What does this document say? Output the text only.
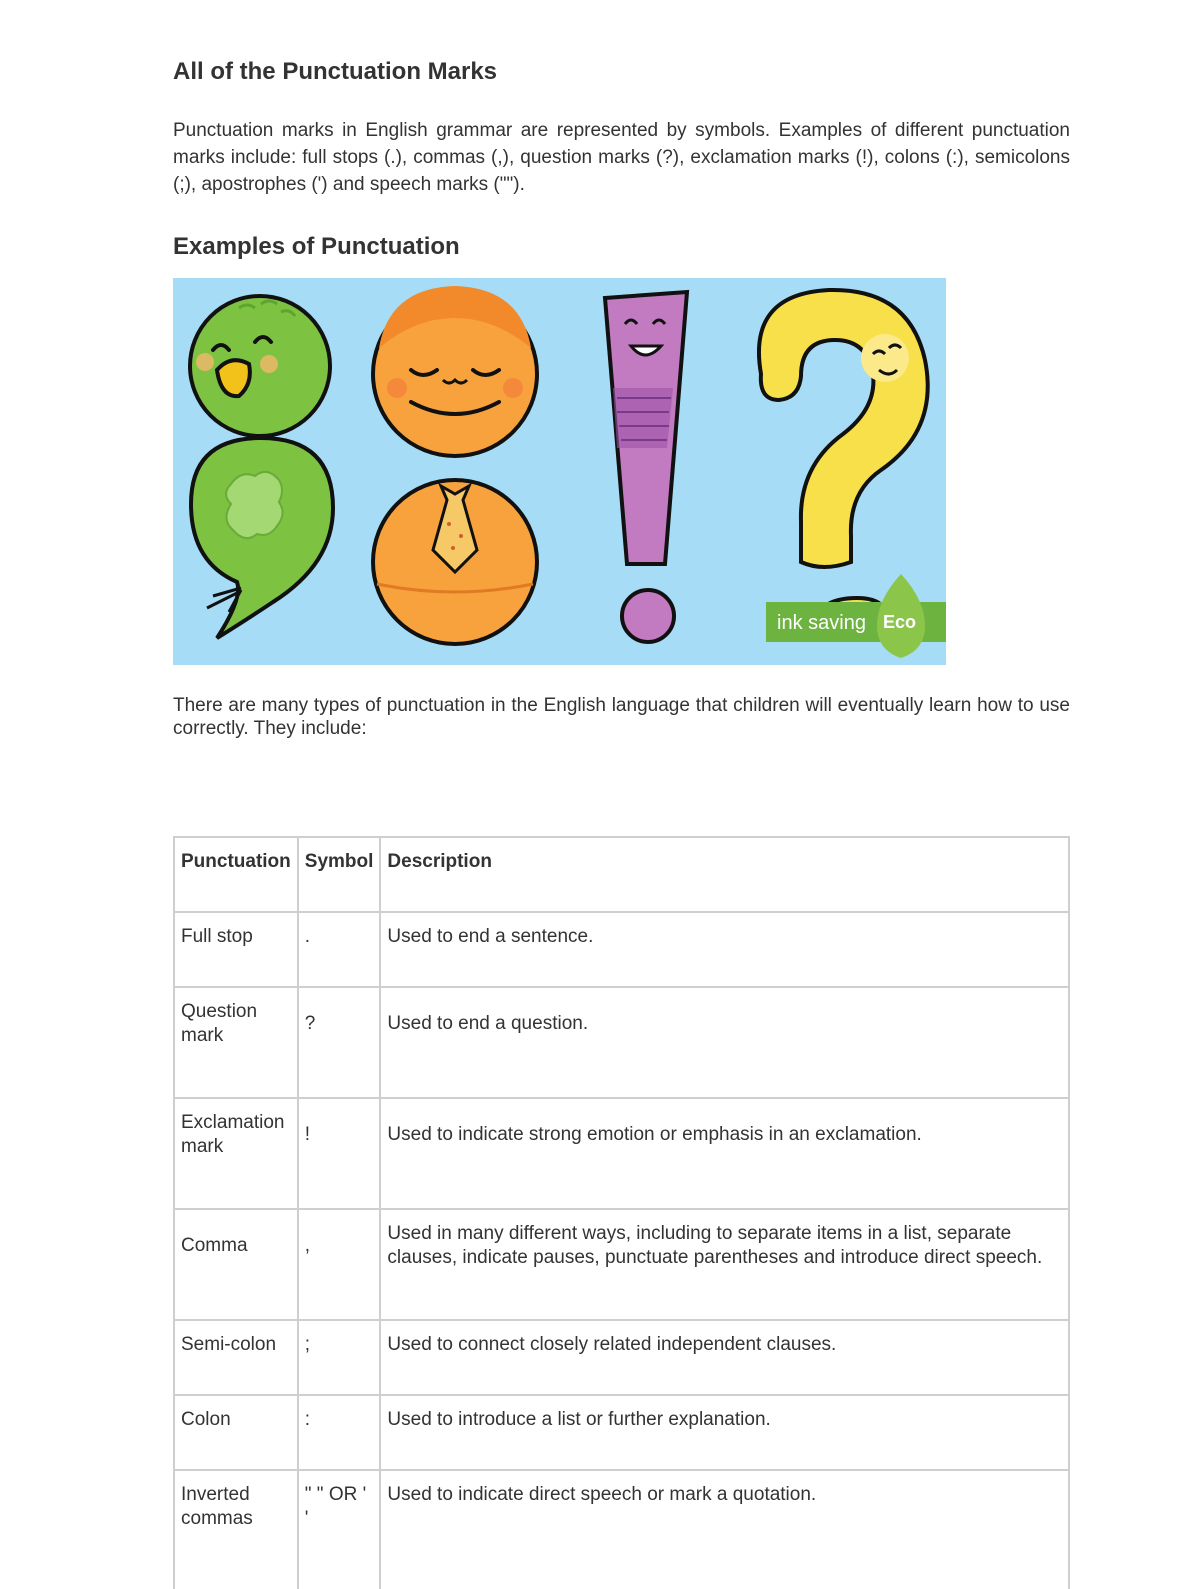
All of the Punctuation Marks

Punctuation marks in English grammar are represented by symbols. Examples of different punctuation marks include: full stops (.), commas (,), question marks (?), exclamation marks (!), colons (:), semicolons (;), apostrophes (') and speech marks ("").

Examples of Punctuation
ink saving Eco

There are many types of punctuation in the English language that children will eventually learn how to use correctly. They include:

Punctuation	Symbol	Description
Full stop	.	Used to end a sentence.
Question mark	?	Used to end a question.
Exclamation mark	!	Used to indicate strong emotion or emphasis in an exclamation.
Comma	,	Used in many different ways, including to separate items in a list, separate clauses, indicate pauses, punctuate parentheses and introduce direct speech.
Semi-colon	;	Used to connect closely related independent clauses.
Colon	:	Used to introduce a list or further explanation.
Inverted commas	" " OR ' '	Used to indicate direct speech or mark a quotation.
